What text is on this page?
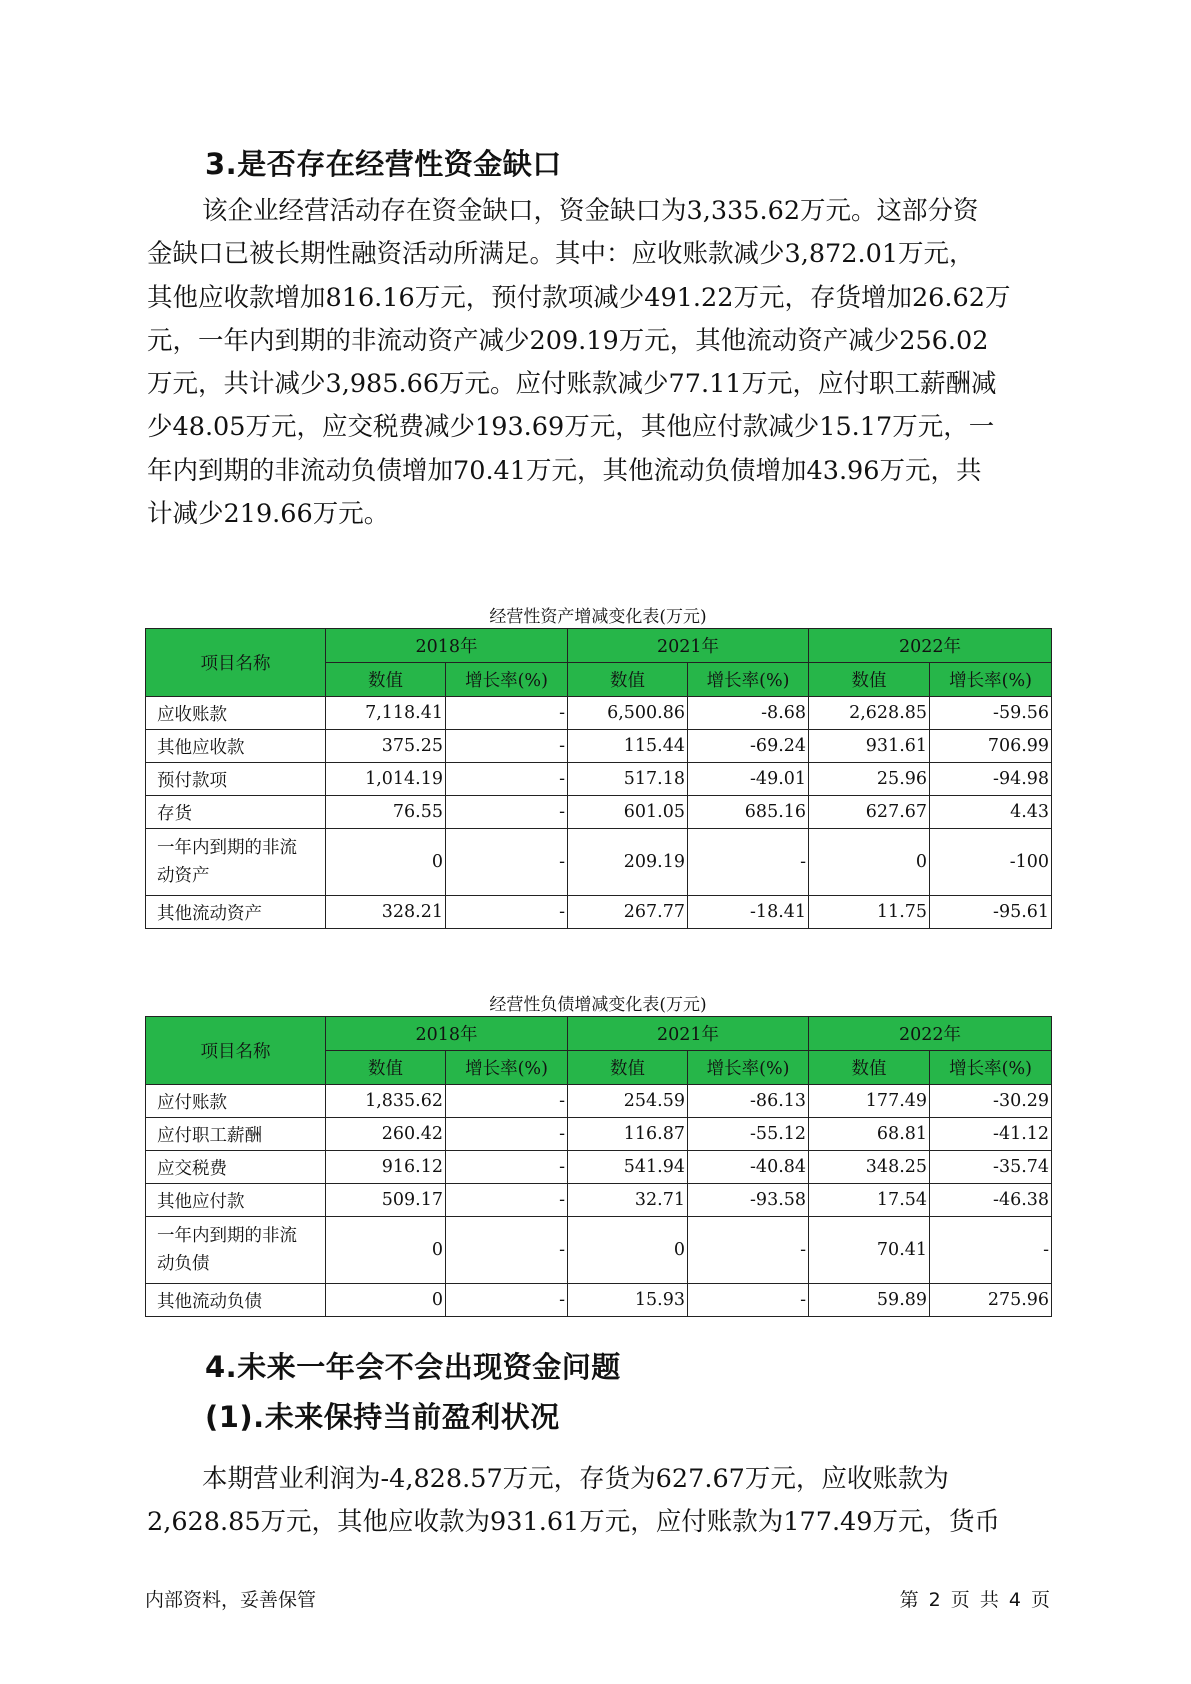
3.是否存在经营性资金缺口
该企业经营活动存在资金缺口，资金缺口为3,335.62万元。这部分资
金缺口已被长期性融资活动所满足。其中：应收账款减少3,872.01万元，
其他应收款增加816.16万元，预付款项减少491.22万元，存货增加26.62万
元，一年内到期的非流动资产减少209.19万元，其他流动资产减少256.02
万元，共计减少3,985.66万元。应付账款减少77.11万元，应付职工薪酬减
少48.05万元，应交税费减少193.69万元，其他应付款减少15.17万元，一
年内到期的非流动负债增加70.41万元，其他流动负债增加43.96万元，共
计减少219.66万元。
经营性资产增减变化表(万元)
项目名称	2018年		2021年		2022年	
	数值	增长率(%)	数值	增长率(%)	数值	增长率(%)
应收账款	7,118.41	-	6,500.86	-8.68	2,628.85	-59.56
其他应收款	375.25	-	115.44	-69.24	931.61	706.99
预付款项	1,014.19	-	517.18	-49.01	25.96	-94.98
存货	76.55	-	601.05	685.16	627.67	4.43

一年内到期的非流
动资产	0	-	209.19	-	0	-100
其他流动资产	328.21	-	267.77	-18.41	11.75	-95.61
经营性负债增减变化表(万元)
项目名称	2018年		2021年		2022年	
	数值	增长率(%)	数值	增长率(%)	数值	增长率(%)
应付账款	1,835.62	-	254.59	-86.13	177.49	-30.29
应付职工薪酬	260.42	-	116.87	-55.12	68.81	-41.12
应交税费	916.12	-	541.94	-40.84	348.25	-35.74
其他应付款	509.17	-	32.71	-93.58	17.54	-46.38

一年内到期的非流
动负债	0	-	0	-	70.41	-
其他流动负债	0	-	15.93	-	59.89	275.96
4.未来一年会不会出现资金问题
(1).未来保持当前盈利状况
本期营业利润为-4,828.57万元，存货为627.67万元，应收账款为
2,628.85万元，其他应收款为931.61万元，应付账款为177.49万元，货币
内部资料，妥善保管	第 2 页 共 4 页
